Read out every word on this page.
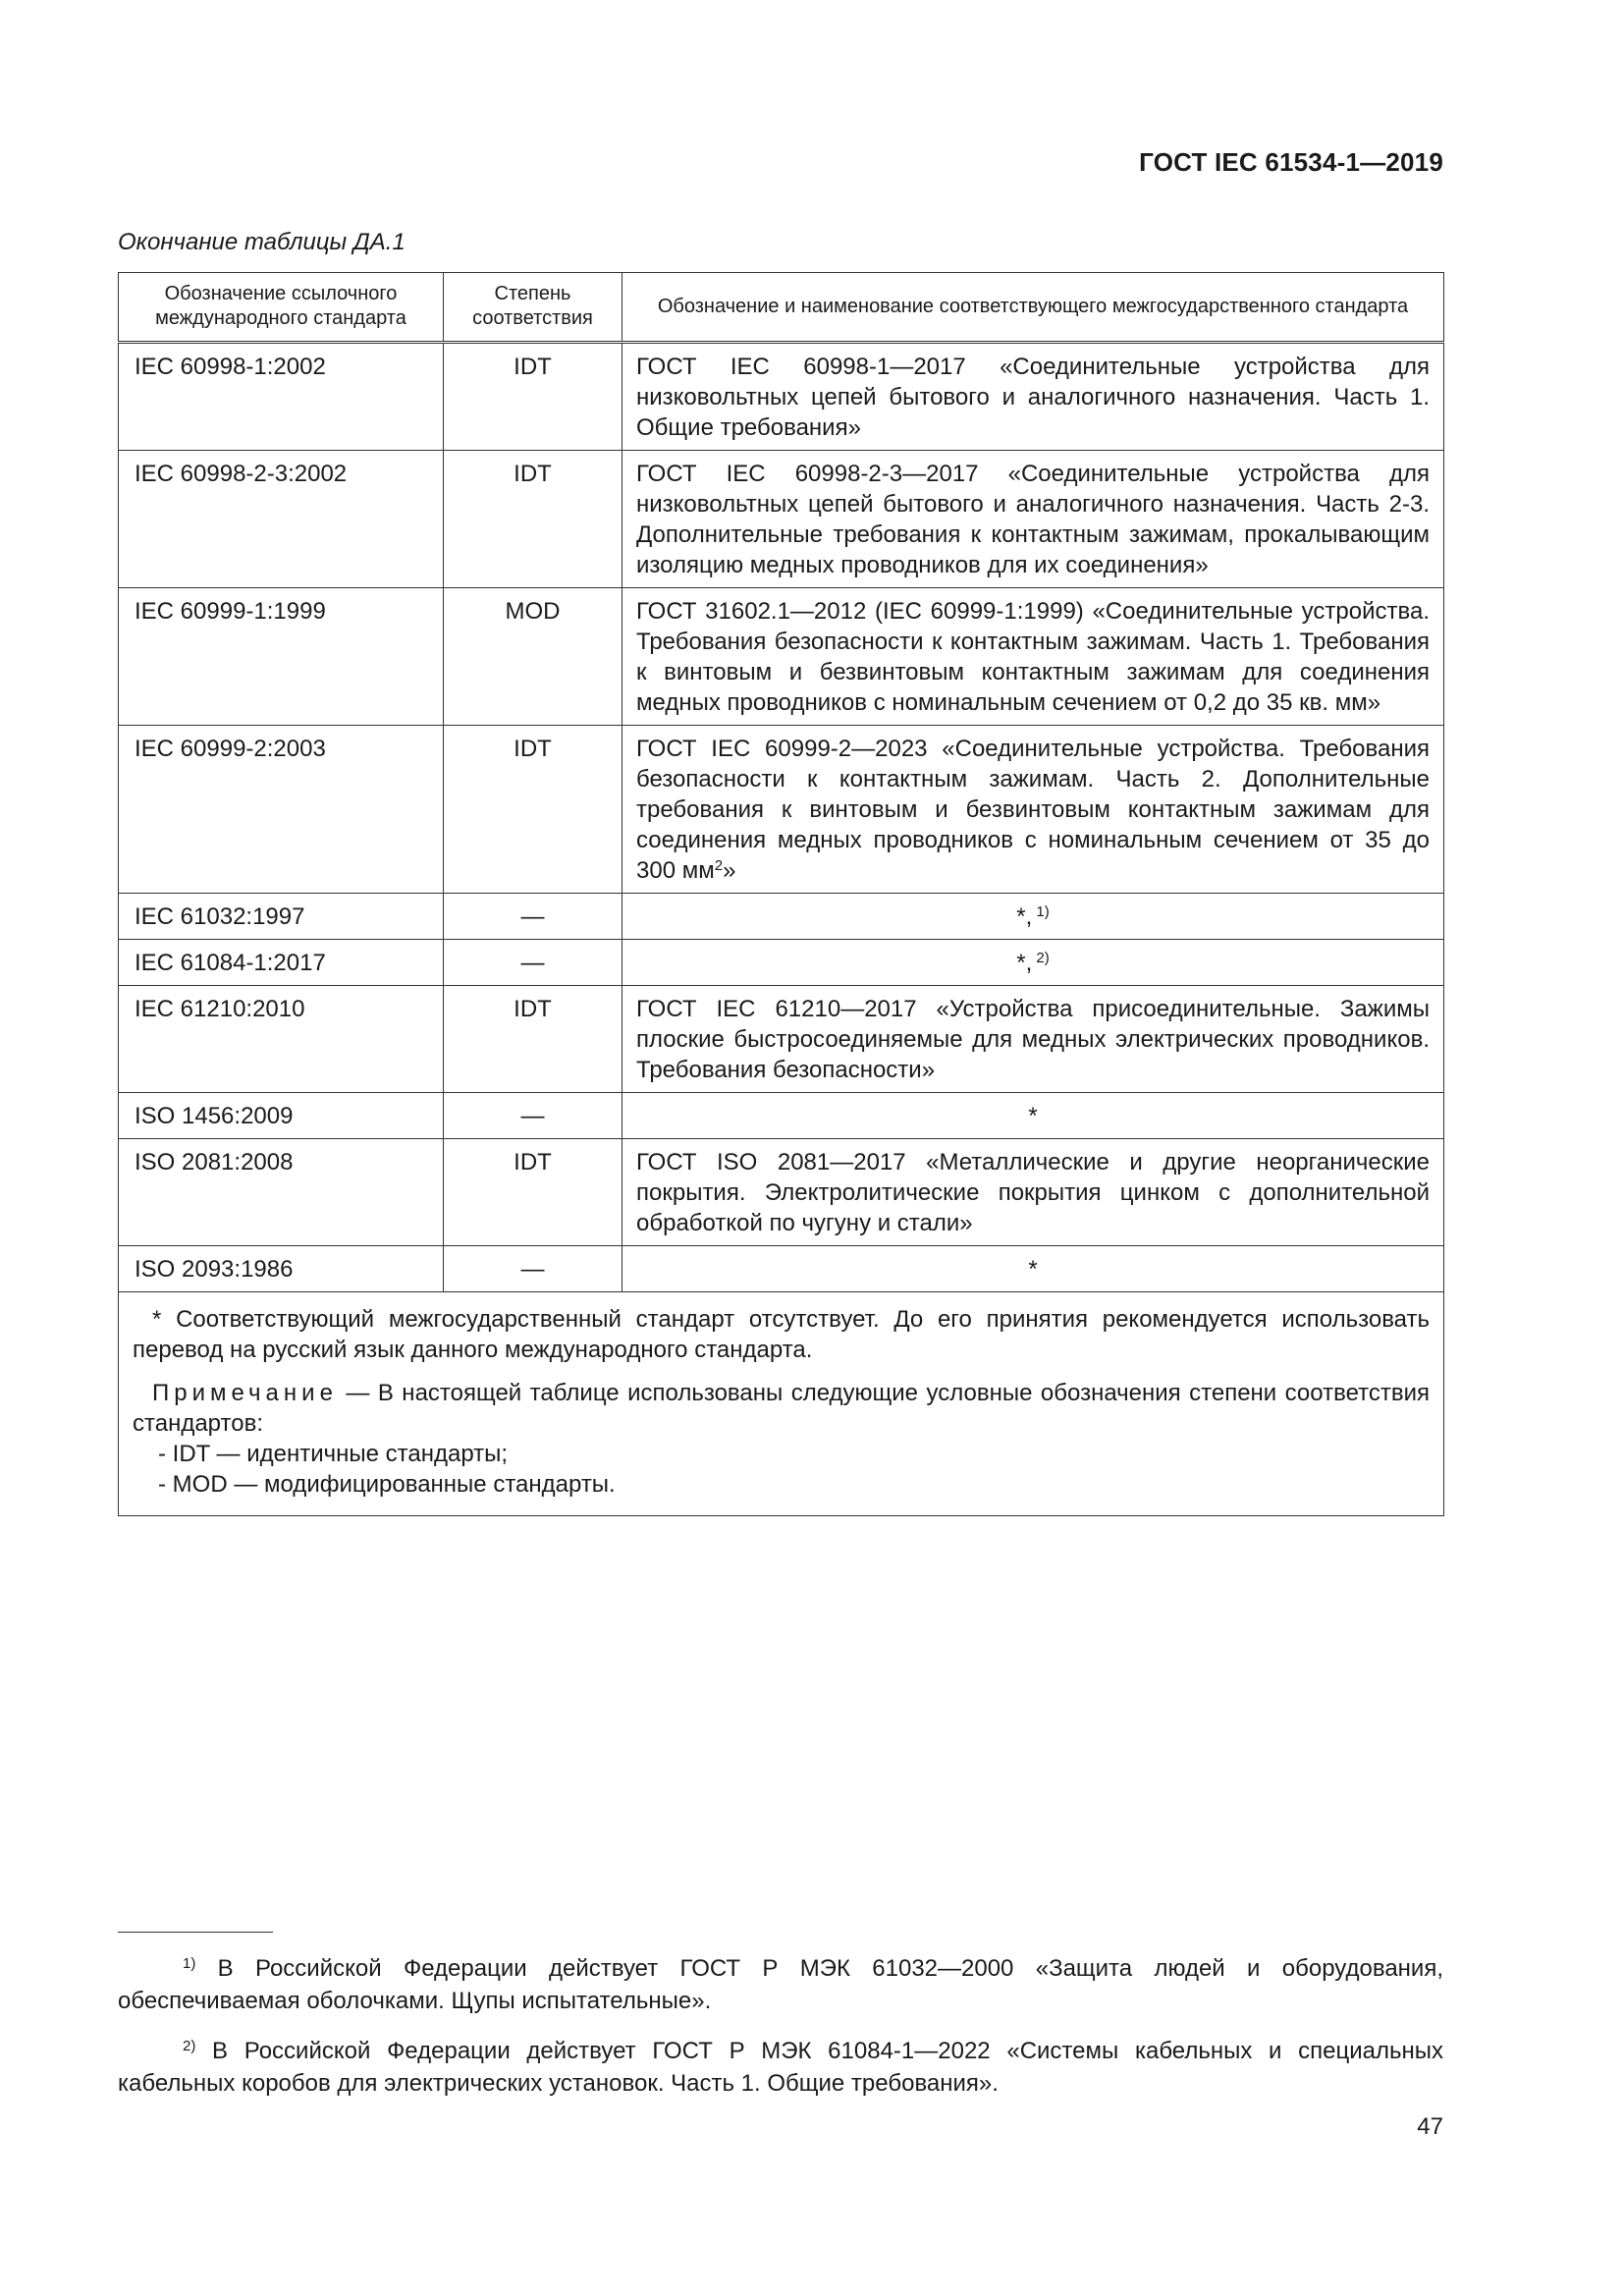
ГОСТ IEC 61534-1—2019
Окончание таблицы ДА.1
Обозначение ссылочного международного стандарта	Степень соответствия	Обозначение и наименование соответствующего межгосударственного стандарта
IEC 60998-1:2002	IDT	ГОСТ IEC 60998-1—2017 «Соединительные устройства для низковольтных цепей бытового и аналогичного назначения. Часть 1. Общие требования»
IEC 60998-2-3:2002	IDT	ГОСТ IEC 60998-2-3—2017 «Соединительные устройства для низковольтных цепей бытового и аналогичного назначения. Часть 2-3. Дополнительные требования к контактным зажимам, прокалывающим изоляцию медных проводников для их соединения»
IEC 60999-1:1999	MOD	ГОСТ 31602.1—2012 (IEC 60999-1:1999) «Соединительные устройства. Требования безопасности к контактным зажимам. Часть 1. Требования к винтовым и безвинтовым контактным зажимам для соединения медных проводников с номинальным сечением от 0,2 до 35 кв. мм»
IEC 60999-2:2003	IDT	ГОСТ IEC 60999-2—2023 «Соединительные устройства. Требования безопасности к контактным зажимам. Часть 2. Дополнительные требования к винтовым и безвинтовым контактным зажимам для соединения медных проводников с номинальным сечением от 35 до 300 $мм^2$»
IEC 61032:1997	—	*, $^{1)}$
IEC 61084-1:2017	—	*, $^{2)}$
IEC 61210:2010	IDT	ГОСТ IEC 61210—2017 «Устройства присоединительные. Зажимы плоские быстросоединяемые для медных электрических проводников. Требования безопасности»
ISO 1456:2009	—	*
ISO 2081:2008	IDT	ГОСТ ISO 2081—2017 «Металлические и другие неорганические покрытия. Электролитические покрытия цинком с дополнительной обработкой по чугуну и стали»
ISO 2093:1986	—	*

* Соответствующий межгосударственный стандарт отсутствует. До его принятия рекомендуется использовать перевод на русский язык данного международного стандарта.

Примечание — В настоящей таблице использованы следующие условные обозначения степени соответствия стандартов:

- IDT — идентичные стандарты;
- MOD — модифицированные стандарты.		
$^{1)}$ В Российской Федерации действует ГОСТ Р МЭК 61032—2000 «Защита людей и оборудования, обеспечиваемая оболочками. Щупы испытательные».
$^{2)}$ В Российской Федерации действует ГОСТ Р МЭК 61084-1—2022 «Системы кабельных и специальных кабельных коробов для электрических установок. Часть 1. Общие требования».
47
